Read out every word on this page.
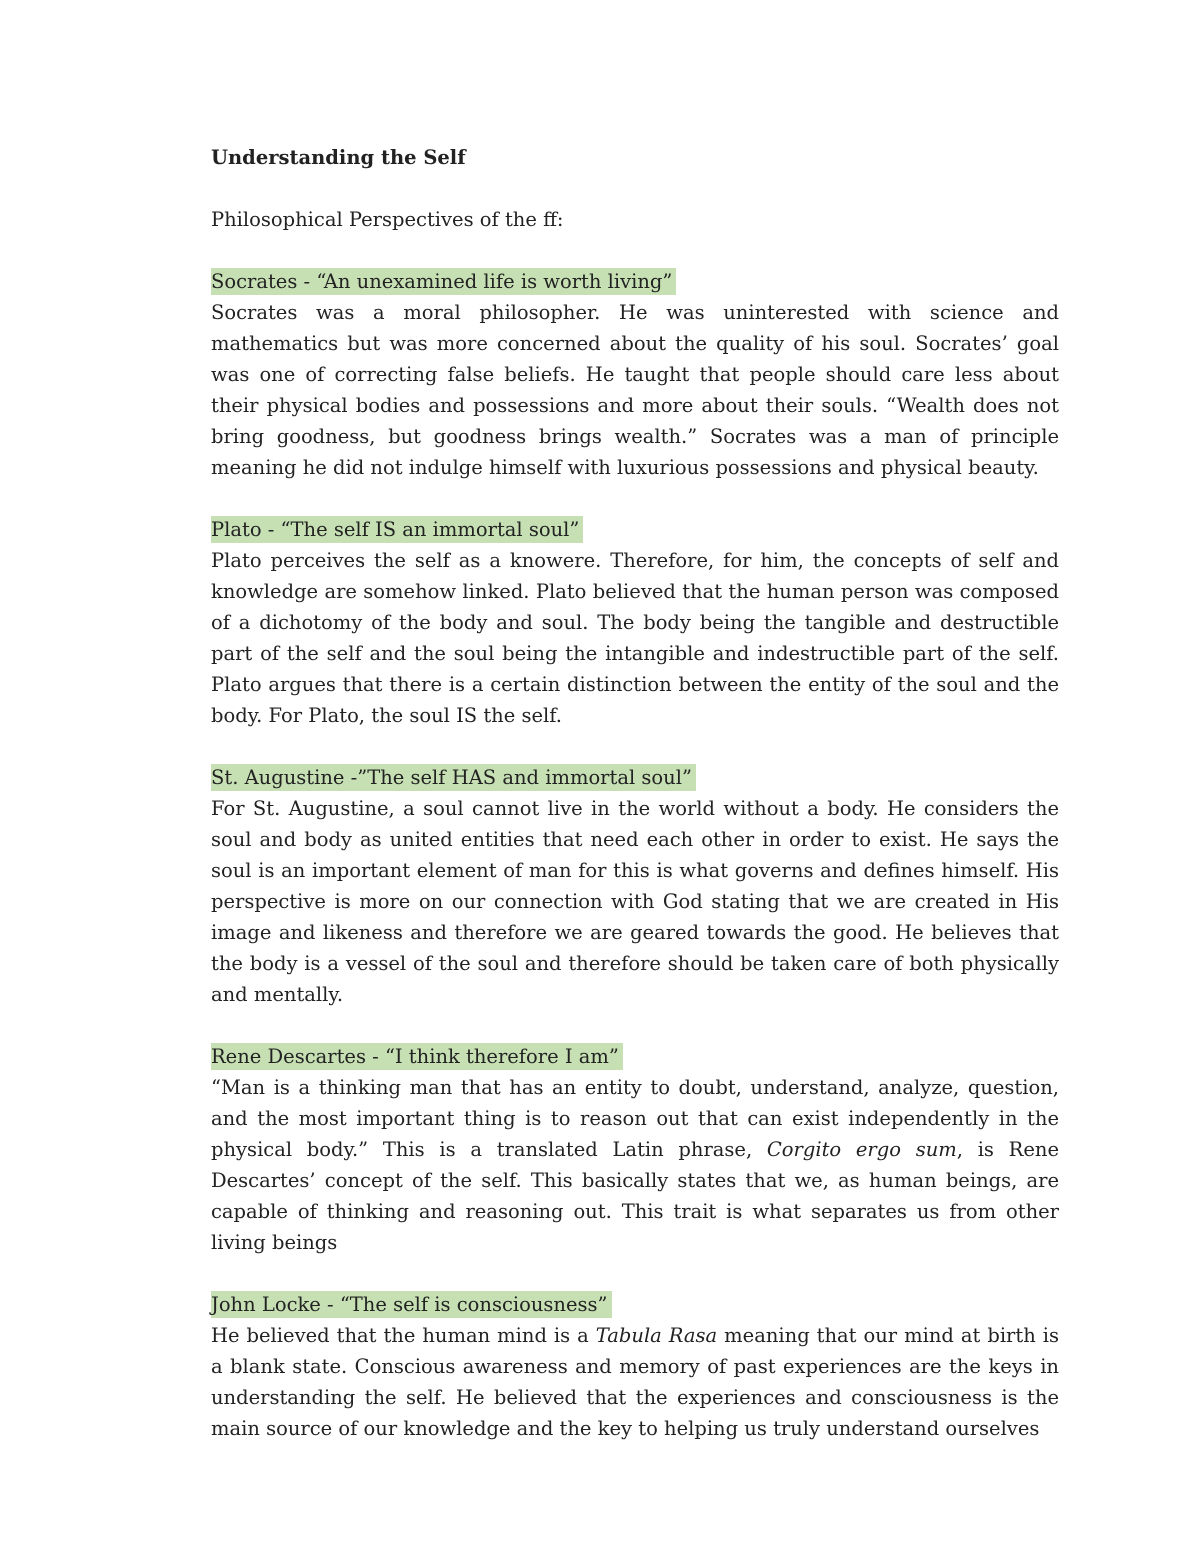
Understanding the Self
Philosophical Perspectives of the ff:
Socrates - “An unexamined life is worth living”

Socrates was a moral philosopher. He was uninterested with science and mathematics but was more concerned about the quality of his soul. Socrates’ goal was one of correcting false beliefs. He taught that people should care less about their physical bodies and possessions and more about their souls. “Wealth does not bring goodness, but goodness brings wealth.” Socrates was a man of principle meaning he did not indulge himself with luxurious possessions and physical beauty.

Plato - “The self IS an immortal soul”

Plato perceives the self as a knowere. Therefore, for him, the concepts of self and knowledge are somehow linked. Plato believed that the human person was composed of a dichotomy of the body and soul. The body being the tangible and destructible part of the self and the soul being the intangible and indestructible part of the self. Plato argues that there is a certain distinction between the entity of the soul and the body. For Plato, the soul IS the self.

St. Augustine -”The self HAS and immortal soul”

For St. Augustine, a soul cannot live in the world without a body. He considers the soul and body as united entities that need each other in order to exist. He says the soul is an important element of man for this is what governs and defines himself. His perspective is more on our connection with God stating that we are created in His image and likeness and therefore we are geared towards the good. He believes that the body is a vessel of the soul and therefore should be taken care of both physically and mentally.

Rene Descartes - “I think therefore I am”

“Man is a thinking man that has an entity to doubt, understand, analyze, question, and the most important thing is to reason out that can exist independently in the physical body.” This is a translated Latin phrase, Corgito ergo sum, is Rene Descartes’ concept of the self. This basically states that we, as human beings, are capable of thinking and reasoning out. This trait is what separates us from other living beings

John Locke - “The self is consciousness”

He believed that the human mind is a Tabula Rasa meaning that our mind at birth is a blank state. Conscious awareness and memory of past experiences are the keys in understanding the self. He believed that the experiences and consciousness is the main source of our knowledge and the key to helping us truly understand ourselves
